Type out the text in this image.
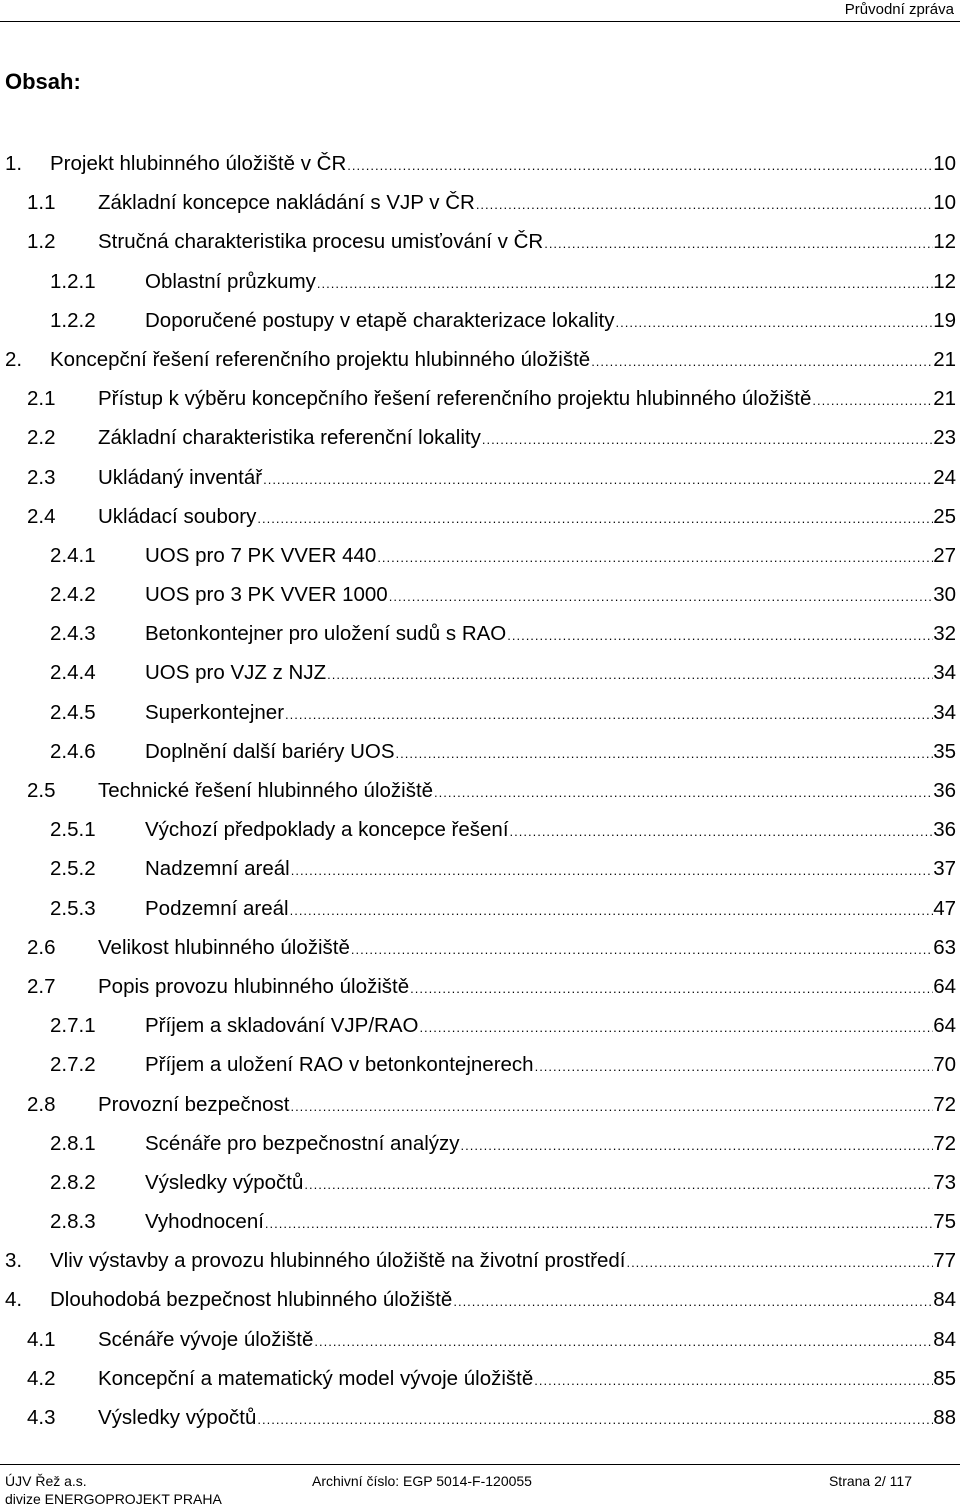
Průvodní zpráva
Obsah:
1. Projekt hlubinného úložiště v ČR .....	10
1.1 Základní koncepce nakládání s VJP v ČR .....	10
1.2 Stručná charakteristika procesu umisťování v ČR .....	12
1.2.1 Oblastní průzkumy .....	12
1.2.2 Doporučené postupy v etapě charakterizace lokality .....	19
2. Koncepční řešení referenčního projektu hlubinného úložiště .....	21
2.1 Přístup k výběru koncepčního řešení referenčního projektu hlubinného úložiště .....	21
2.2 Základní charakteristika referenční lokality .....	23
2.3 Ukládaný inventář .....	24
2.4 Ukládací soubory .....	25
2.4.1 UOS pro 7 PK VVER 440 .....	27
2.4.2 UOS pro 3 PK VVER 1000 .....	30
2.4.3 Betonkontejner pro uložení sudů s RAO .....	32
2.4.4 UOS pro VJZ z NJZ .....	34
2.4.5 Superkontejner .....	34
2.4.6 Doplnění další bariéry UOS .....	35
2.5 Technické řešení hlubinného úložiště .....	36
2.5.1 Výchozí předpoklady a koncepce řešení .....	36
2.5.2 Nadzemní areál .....	37
2.5.3 Podzemní areál .....	47
2.6 Velikost hlubinného úložiště .....	63
2.7 Popis provozu hlubinného úložiště .....	64
2.7.1 Příjem a skladování VJP/RAO .....	64
2.7.2 Příjem a uložení RAO v betonkontejnerech .....	70
2.8 Provozní bezpečnost .....	72
2.8.1 Scénáře pro bezpečnostní analýzy .....	72
2.8.2 Výsledky výpočtů .....	73
2.8.3 Vyhodnocení .....	75
3. Vliv výstavby a provozu hlubinného úložiště na životní prostředí .....	77
4. Dlouhodobá bezpečnost hlubinného úložiště .....	84
4.1 Scénáře vývoje úložiště .....	84
4.2 Koncepční a matematický model vývoje úložiště .....	85
4.3 Výsledky výpočtů .....	88
ÚJV Řež a.s.
divize ENERGOPROJEKT PRAHA
Archivní číslo: EGP 5014-F-120055	Strana 2/ 117
